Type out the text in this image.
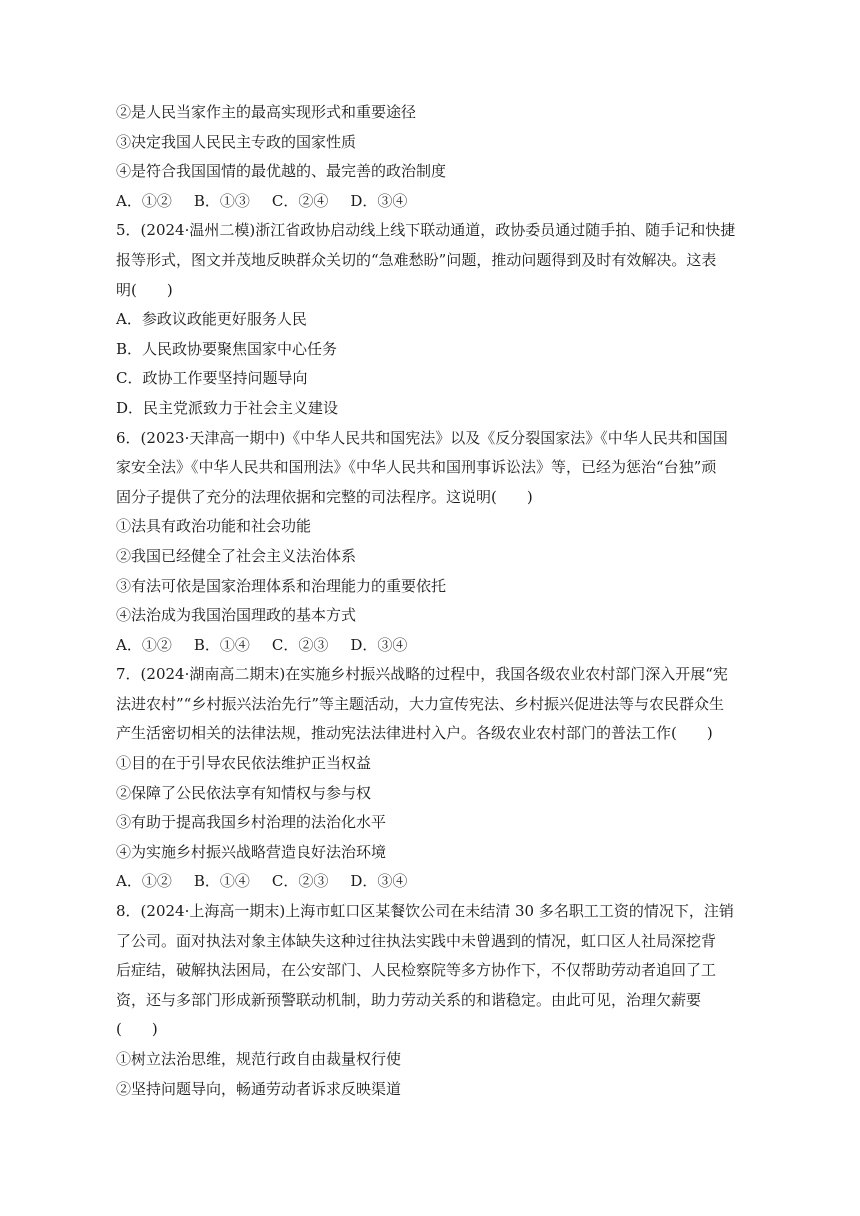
②是人民当家作主的最高实现形式和重要途径

③决定我国人民民主专政的国家性质

④是符合我国国情的最优越的、最完善的政治制度

A．①② B．①③ C．②④ D．③④

5．(2024·温州二模)浙江省政协启动线上线下联动通道，政协委员通过随手拍、随手记和快捷
报等形式，图文并茂地反映群众关切的“急难愁盼”问题，推动问题得到及时有效解决。这表
明(　　)

A．参政议政能更好服务人民

B．人民政协要聚焦国家中心任务

C．政协工作要坚持问题导向

D．民主党派致力于社会主义建设

6．(2023·天津高一期中)《中华人民共和国宪法》以及《反分裂国家法》《中华人民共和国国
家安全法》《中华人民共和国刑法》《中华人民共和国刑事诉讼法》等，已经为惩治“台独”顽
固分子提供了充分的法理依据和完整的司法程序。这说明(　　)

①法具有政治功能和社会功能

②我国已经健全了社会主义法治体系

③有法可依是国家治理体系和治理能力的重要依托

④法治成为我国治国理政的基本方式

A．①② B．①④ C．②③ D．③④

7．(2024·湖南高二期末)在实施乡村振兴战略的过程中，我国各级农业农村部门深入开展“宪
法进农村”“乡村振兴法治先行”等主题活动，大力宣传宪法、乡村振兴促进法等与农民群众生
产生活密切相关的法律法规，推动宪法法律进村入户。各级农业农村部门的普法工作(　　)

①目的在于引导农民依法维护正当权益

②保障了公民依法享有知情权与参与权

③有助于提高我国乡村治理的法治化水平

④为实施乡村振兴战略营造良好法治环境

A．①② B．①④ C．②③ D．③④

8．(2024·上海高一期末)上海市虹口区某餐饮公司在未结清 30 多名职工工资的情况下，注销
了公司。面对执法对象主体缺失这种过往执法实践中未曾遇到的情况，虹口区人社局深挖背
后症结，破解执法困局，在公安部门、人民检察院等多方协作下，不仅帮助劳动者追回了工
资，还与多部门形成新预警联动机制，助力劳动关系的和谐稳定。由此可见，治理欠薪要
(　　)

①树立法治思维，规范行政自由裁量权行使

②坚持问题导向，畅通劳动者诉求反映渠道
